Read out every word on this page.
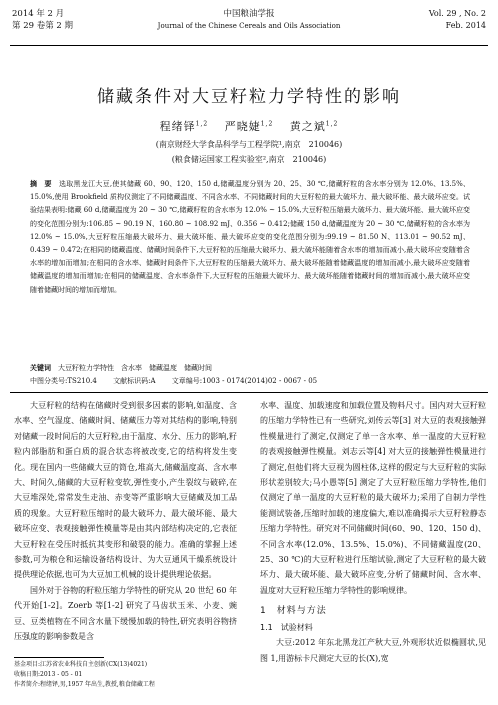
2014 年 2 月
第 29 卷第 2 期
中国粮油学报
Journal of the Chinese Cereals and Oils Association
Vol. 29 , No. 2
Feb. 2014
储藏条件对大豆籽粒力学特性的影响
程绪铎$^{1,2}$　 严晓婕$^{1,2}$　 黄之斌$^{1,2}$
(南京财经大学食品科学与工程学院¹,南京　210046)
(粮食储运国家工程实验室²,南京　210046)
摘　要　 选取黑龙江大豆,使其储藏 60、90、120、150 d,储藏温度分别为 20、25、30 ℃,储藏籽粒的含水率分别为 12.0%、13.5%、15.0%,使用 Brookfield 质构仪测定了不同储藏温度、不同含水率、不同储藏时间的大豆籽粒的最大破坏力、最大破坏能、最大破坏应变。试验结果表明:储藏 60 d,储藏温度为 20 ~ 30 ℃,储藏籽粒的含水率为 12.0% ~ 15.0%,大豆籽粒压缩最大破坏力、最大破坏能、最大破坏应变的变化范围分别为:106.85 ~ 90.19 N、160.80 ~ 108.92 mJ、0.356 ~ 0.412;储藏 150 d,储藏温度为 20 ~ 30 ℃,储藏籽粒的含水率为 12.0% ~ 15.0%,大豆籽粒压缩最大破坏力、最大破坏能、最大破坏应变的变化范围分别为:99.19 ~ 81.50 N、113.01 ~ 90.52 mJ、0.439 ~ 0.472;在相同的储藏温度、储藏时间条件下,大豆籽粒的压缩最大破坏力、最大破坏能随着含水率的增加而减小,最大破坏应变随着含水率的增加而增加;在相同的含水率、储藏时间条件下,大豆籽粒的压缩最大破坏力、最大破坏能随着储藏温度的增加而减小,最大破坏应变随着储藏温度的增加而增加;在相同的储藏温度、含水率条件下,大豆籽粒的压缩最大破坏力、最大破坏能随着储藏时间的增加而减小,最大破坏应变随着储藏时间的增加而增加。
关键词　 大豆籽粒力学特性　含水率　储藏温度　储藏时间
中图分类号:TS210.4 文献标识码:A 文章编号:1003 - 0174(2014)02 - 0067 - 05

大豆籽粒的结构在储藏时受到很多因素的影响,如温度、含水率、空气湿度、储藏时间、储藏压力等对其结构的影响,特别对储藏一段时间后的大豆籽粒,由于温度、水分、压力的影响,籽粒内部脂肪和蛋白质的混合状态将被改变,它的结构将发生变化。现在国内一些储藏大豆的筒仓,堆高大,储藏温度高、含水率大、时间久,储藏的大豆籽粒变软,弹性变小,产生裂纹与破碎,在大豆堆深处,常常发生走油、赤变等严重影响大豆储藏及加工品质的现象。大豆籽粒压缩时的最大破坏力、最大破坏能、最大破坏应变、表观接触弹性模量等是由其内部结构决定的,它表征大豆籽粒在受压时抵抗其变形和破裂的能力。准确的掌握上述参数,可为粮仓和运输设备结构设计、为大豆通风干燥系统设计提供理论依据,也可为大豆加工机械的设计提供理论依据。

国外对于谷物的籽粒压缩力学特性的研究从 20 世纪 60 年代开始[1-2]。Zoerb 等[1-2] 研究了马齿状玉米、小麦、豌豆、豆类植物在不同含水量下缓慢加载的特性,研究表明谷物挤压强度的影响参数是含

水率、温度、加载速度和加载位置及物料尺寸。国内对大豆籽粒的压缩力学特性已有一些研究,刘传云等[3] 对大豆的表观接触弹性模量进行了测定,仅测定了单一含水率、单一温度的大豆籽粒的表观接触弹性模量。刘志云等[4] 对大豆的接触弹性模量进行了测定,但他们将大豆视为圆柱体,这样的假定与大豆籽粒的实际形状差别较大;马小愚等[5] 测定了大豆籽粒压缩力学特性,他们仅测定了单一温度的大豆籽粒的最大破坏力;采用了自制力学性能测试装备,压缩时加载的速度偏大,难以准确揭示大豆籽粒静态压缩力学特性。研究对不同储藏时间(60、90、120、150 d)、不同含水率(12.0%、13.5%、15.0%)、不同储藏温度(20、25、30 ℃)的大豆籽粒进行压缩试验,测定了大豆籽粒的最大破坏力、最大破坏能、最大破坏应变,分析了储藏时间、含水率、温度对大豆籽粒压缩力学特性的影响规律。

1　材料与方法
1.1　试验材料

大豆:2012 年东北黑龙江产秋大豆,外观形状近似椭圆状,见图 1,用游标卡尺测定大豆的长(X),宽

基金项目:江苏省农业科技自主创新(CX(13)4021)
收稿日期:2013 - 05 - 01
作者简介:程绪铎,男,1957 年出生,教授,粮食储藏工程
